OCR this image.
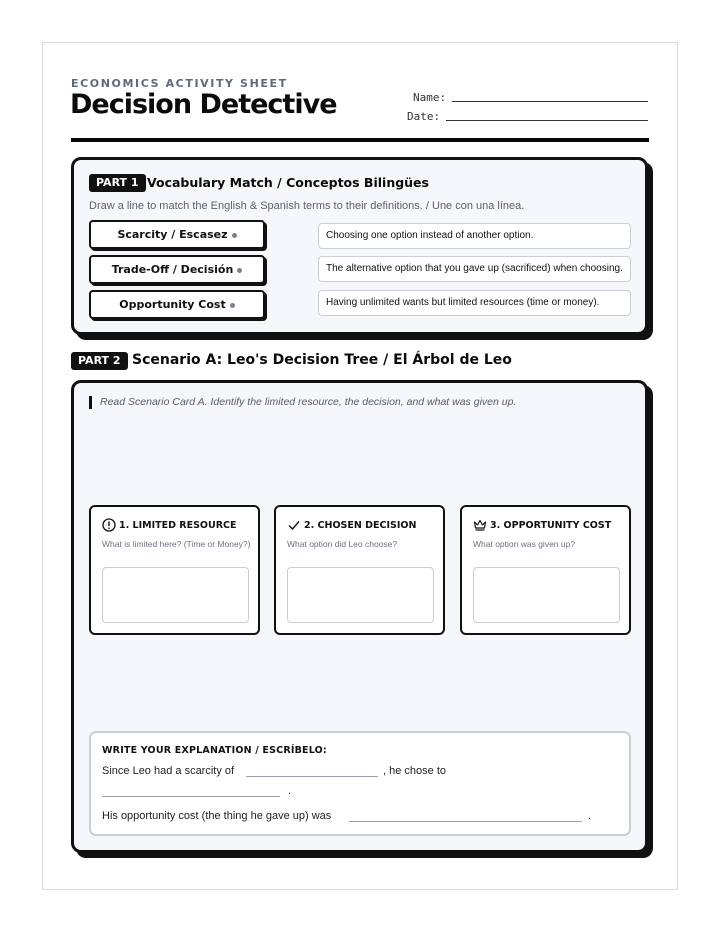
ECONOMICS ACTIVITY SHEET
Decision Detective	Name:
Date:
PART 1 Vocabulary Match / Conceptos Bilingües
Draw a line to match the English & Spanish terms to their definitions. / Une con una línea.
Scarcity / Escasez
Trade-Off / Decisión
Opportunity Cost
Choosing one option instead of another option.
The alternative option that you gave up (sacrificed) when choosing.
Having unlimited wants but limited resources (time or money).
PART 2 Scenario A: Leo's Decision Tree / El Árbol de Leo
Read Scenario Card A. Identify the limited resource, the decision, and what was given up.
1. LIMITED RESOURCE
What is limited here? (Time or Money?)
2. CHOSEN DECISION
What option did Leo choose?
3. OPPORTUNITY COST
What option was given up?
WRITE YOUR EXPLANATION / ESCRÍBELO:
Since Leo had a scarcity of	, he chose to
.
His opportunity cost (the thing he gave up) was	.
